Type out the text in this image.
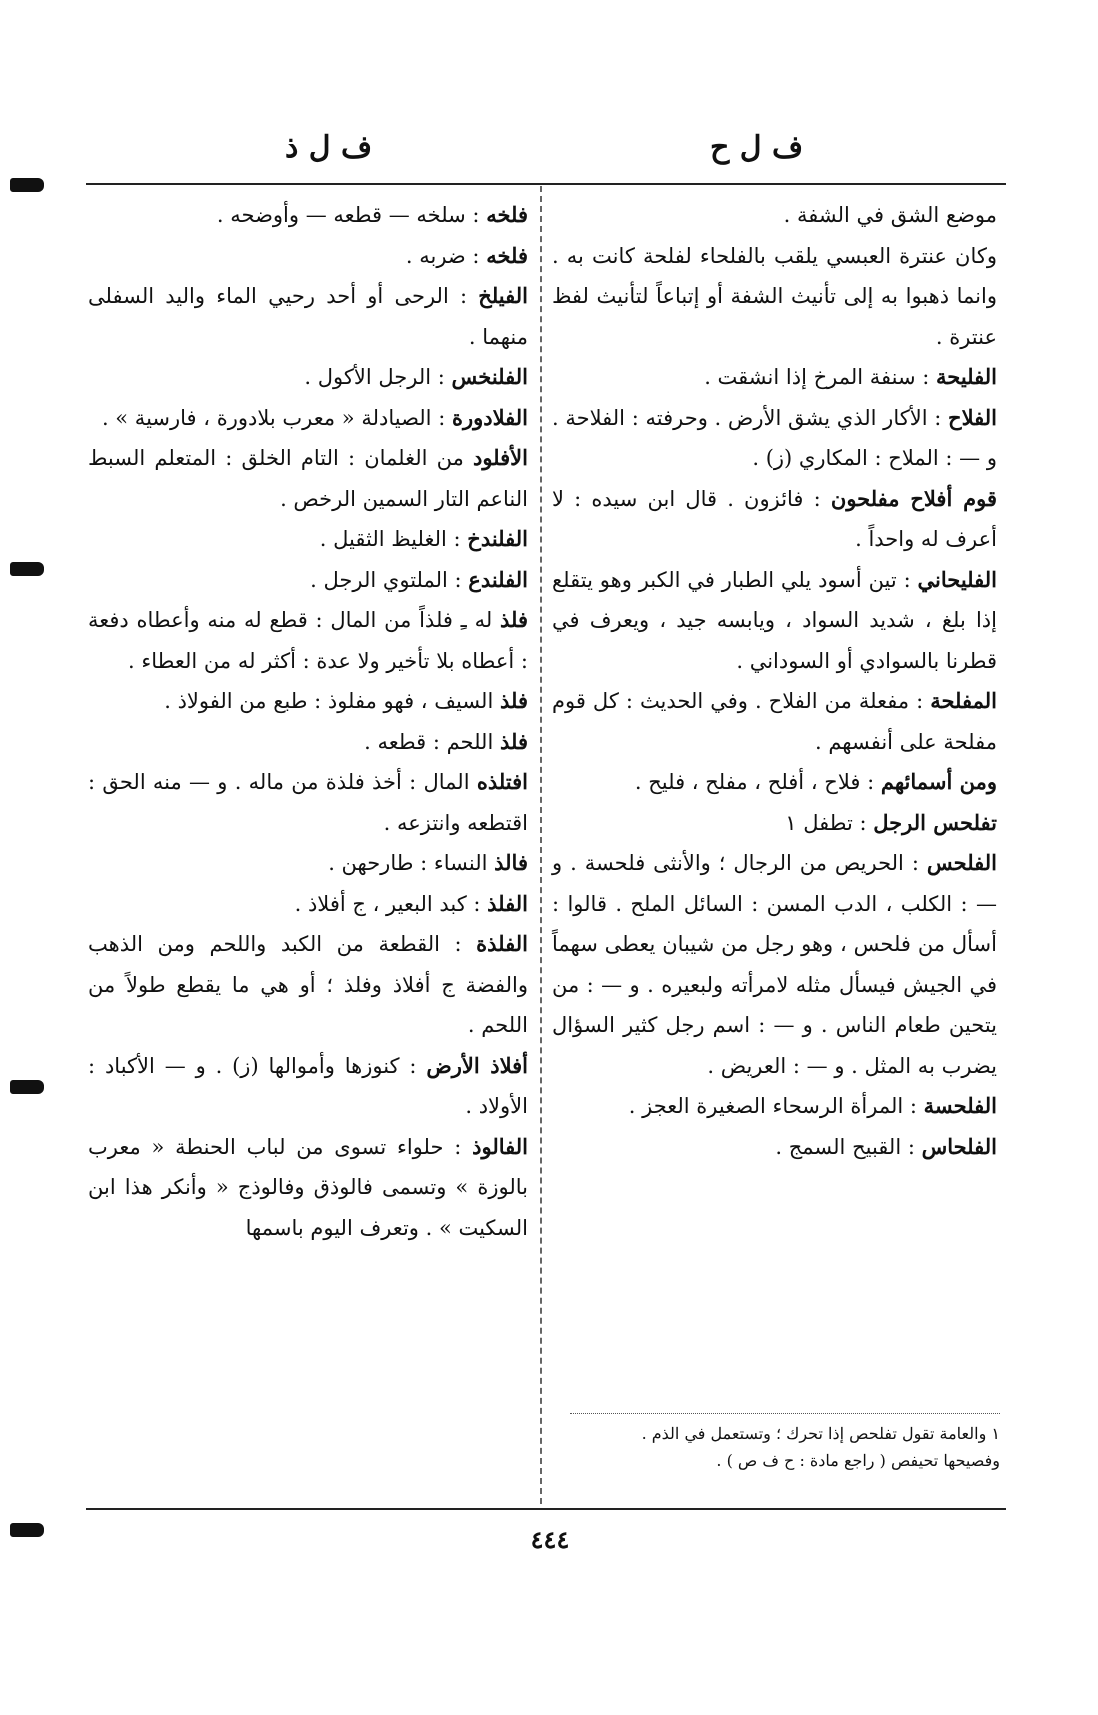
ف ل ح
ف ل ذ

موضع الشق في الشفة .

وكان عنترة العبسي يلقب بالفلحاء لفلحة كانت به . وانما ذهبوا به إلى تأنيث الشفة أو إتباعاً لتأنيث لفظ عنترة .

الفليحة : سنفة المرخ إذا انشقت .

الفلاح : الأكار الذي يشق الأرض . وحرفته : الفلاحة . و — : الملاح : المكاري (ز) .

قوم أفلاح مفلحون : فائزون . قال ابن سيده : لا أعرف له واحداً .

الفليحاني : تين أسود يلي الطبار في الكبر وهو يتقلع إذا بلغ ، شديد السواد ، ويابسه جيد ، ويعرف في قطرنا بالسوادي أو السوداني .

المفلحة : مفعلة من الفلاح . وفي الحديث : كل قوم مفلحة على أنفسهم .

ومن أسمائهم : فلاح ، أفلح ، مفلح ، فليح .

تفلحس الرجل : تطفل ١

الفلحس : الحريص من الرجال ؛ والأنثى فلحسة . و — : الكلب ، الدب المسن : السائل الملح . قالوا : أسأل من فلحس ، وهو رجل من شيبان يعطى سهماً في الجيش فيسأل مثله لامرأته ولبعيره . و — : من يتحين طعام الناس . و — : اسم رجل كثير السؤال يضرب به المثل . و — : العريض .

الفلحسة : المرأة الرسحاء الصغيرة العجز .

الفلحاس : القبيح السمج .

فلخه : سلخه — قطعه — وأوضحه .

فلخه : ضربه .

الفيلخ : الرحى أو أحد رحيي الماء واليد السفلى منهما .

الفلنخس : الرجل الأكول .

الفلادورة : الصيادلة « معرب بلادورة ، فارسية » .

الأفلود من الغلمان : التام الخلق : المتعلم السبط الناعم التار السمين الرخص .

الفلندخ : الغليظ الثقيل .

الفلندع : الملتوي الرجل .

فلذ له ـِ فلذاً من المال : قطع له منه وأعطاه دفعة : أعطاه بلا تأخير ولا عدة : أكثر له من العطاء .

فلذ السيف ، فهو مفلوذ : طبع من الفولاذ .

فلذ اللحم : قطعه .

افتلذه المال : أخذ فلذة من ماله . و — منه الحق : اقتطعه وانتزعه .

فالذ النساء : طارحهن .

الفلذ : كبد البعير ، ج أفلاذ .

الفلذة : القطعة من الكبد واللحم ومن الذهب والفضة ج أفلاذ وفلذ ؛ أو هي ما يقطع طولاً من اللحم .

أفلاذ الأرض : كنوزها وأموالها (ز) . و — الأكباد : الأولاد .

الفالوذ : حلواء تسوى من لباب الحنطة « معرب بالوزة » وتسمى فالوذق وفالوذج « وأنكر هذا ابن السكيت » . وتعرف اليوم باسمها

١ والعامة تقول تفلحص إذا تحرك ؛ وتستعمل في الذم .

وفصيحها تحيفص ( راجع مادة : ح ف ص ) .

٤٤٤
